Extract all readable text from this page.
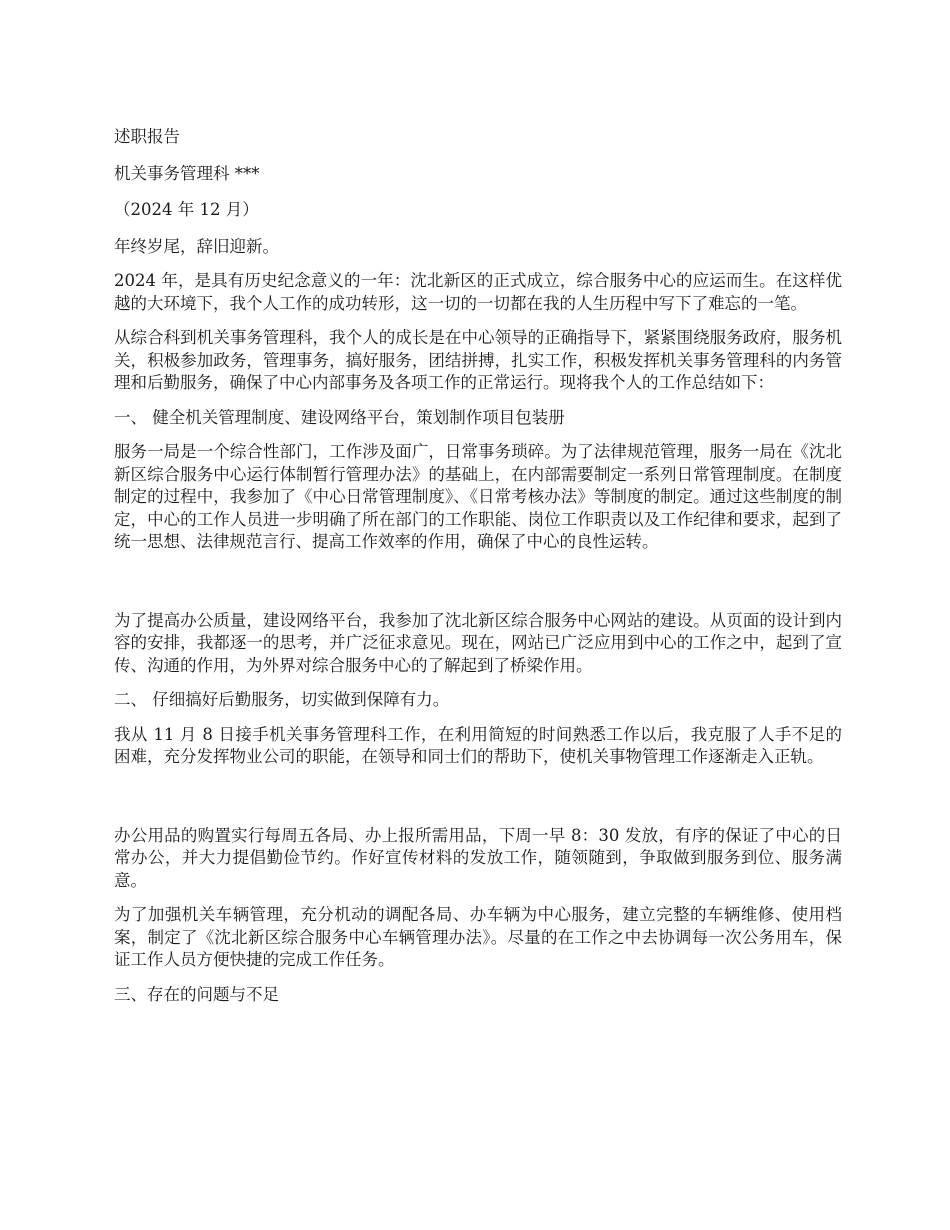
述职报告

机关事务管理科 ***

（2024 年 12 月）

年终岁尾，辞旧迎新。

2024 年，是具有历史纪念意义的一年：沈北新区的正式成立，综合服务中心的应运而生。在这样优越的大环境下，我个人工作的成功转形，这一切的一切都在我的人生历程中写下了难忘的一笔。

从综合科到机关事务管理科，我个人的成长是在中心领导的正确指导下，紧紧围绕服务政府，服务机关，积极参加政务，管理事务，搞好服务，团结拼搏，扎实工作，积极发挥机关事务管理科的内务管理和后勤服务，确保了中心内部事务及各项工作的正常运行。现将我个人的工作总结如下：

一、 健全机关管理制度、建设网络平台，策划制作项目包装册

服务一局是一个综合性部门，工作涉及面广，日常事务琐碎。为了法律规范管理，服务一局在《沈北新区综合服务中心运行体制暂行管理办法》的基础上，在内部需要制定一系列日常管理制度。在制度制定的过程中，我参加了《中心日常管理制度》、《日常考核办法》等制度的制定。通过这些制度的制定，中心的工作人员进一步明确了所在部门的工作职能、岗位工作职责以及工作纪律和要求，起到了统一思想、法律规范言行、提高工作效率的作用，确保了中心的良性运转。

为了提高办公质量，建设网络平台，我参加了沈北新区综合服务中心网站的建设。从页面的设计到内容的安排，我都逐一的思考，并广泛征求意见。现在，网站已广泛应用到中心的工作之中，起到了宣传、沟通的作用，为外界对综合服务中心的了解起到了桥梁作用。

二、 仔细搞好后勤服务，切实做到保障有力。

我从 11 月 8 日接手机关事务管理科工作，在利用简短的时间熟悉工作以后，我克服了人手不足的困难，充分发挥物业公司的职能，在领导和同士们的帮助下，使机关事物管理工作逐渐走入正轨。

办公用品的购置实行每周五各局、办上报所需用品，下周一早 8：30 发放，有序的保证了中心的日常办公，并大力提倡勤俭节约。作好宣传材料的发放工作，随领随到，争取做到服务到位、服务满意。

为了加强机关车辆管理，充分机动的调配各局、办车辆为中心服务，建立完整的车辆维修、使用档案，制定了《沈北新区综合服务中心车辆管理办法》。尽量的在工作之中去协调每一次公务用车，保证工作人员方便快捷的完成工作任务。

三、存在的问题与不足
